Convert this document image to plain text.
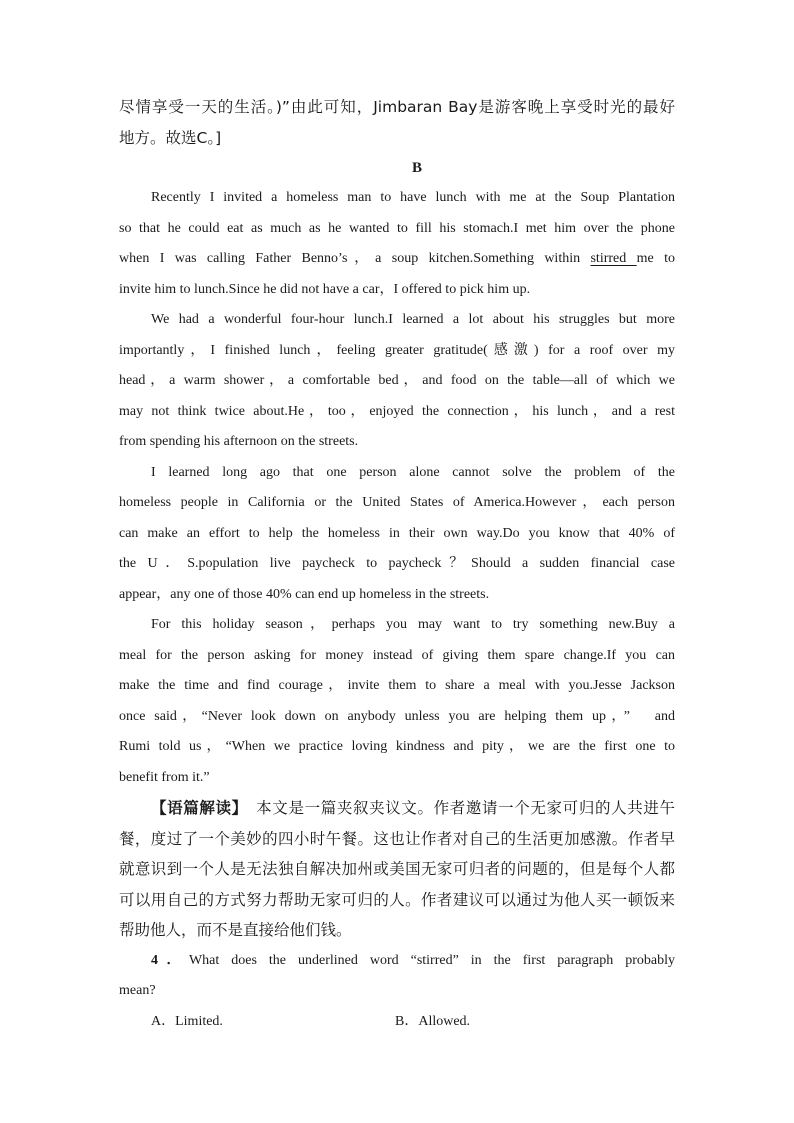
尽情享受一天的生活。)”由此可知，Jimbaran Bay是游客晚上享受时光的最好
地方。故选C。]
B
Recently I invited a homeless man to have lunch with me at the Soup Plantation
so that he could eat as much as he wanted to fill his stomach.I met him over the phone
when I was calling Father Benno’s，a soup kitchen.Something within stirred me to
invite him to lunch.Since he did not have a car，I offered to pick him up.
We had a wonderful four-hour lunch.I learned a lot about his struggles but more
importantly，I finished lunch，feeling greater gratitude(感激) for a roof over my
head，a warm shower，a comfortable bed，and food on the table—all of which we
may not think twice about.He，too，enjoyed the connection，his lunch，and a rest
from spending his afternoon on the streets.
I learned long ago that one person alone cannot solve the problem of the
homeless people in California or the United States of America.However，each person
can make an effort to help the homeless in their own way.Do you know that 40% of
the U．S.population live paycheck to paycheck？Should a sudden financial case
appear，any one of those 40% can end up homeless in the streets.
For this holiday season，perhaps you may want to try something new.Buy a
meal for the person asking for money instead of giving them spare change.If you can
make the time and find courage，invite them to share a meal with you.Jesse Jackson
once said，“Never look down on anybody unless you are helping them up，”　and
Rumi told us，“When we practice loving kindness and pity，we are the first one to
benefit from it.”
【语篇解读】　本文是一篇夹叙夹议文。作者邀请一个无家可归的人共进午
餐，度过了一个美妙的四小时午餐。这也让作者对自己的生活更加感激。作者早
就意识到一个人是无法独自解决加州或美国无家可归者的问题的，但是每个人都
可以用自己的方式努力帮助无家可归的人。作者建议可以通过为他人买一顿饭来
帮助他人，而不是直接给他们钱。
4．What does the underlined word “stirred” in the first paragraph probably
mean?
A．Limited.	B．Allowed.
